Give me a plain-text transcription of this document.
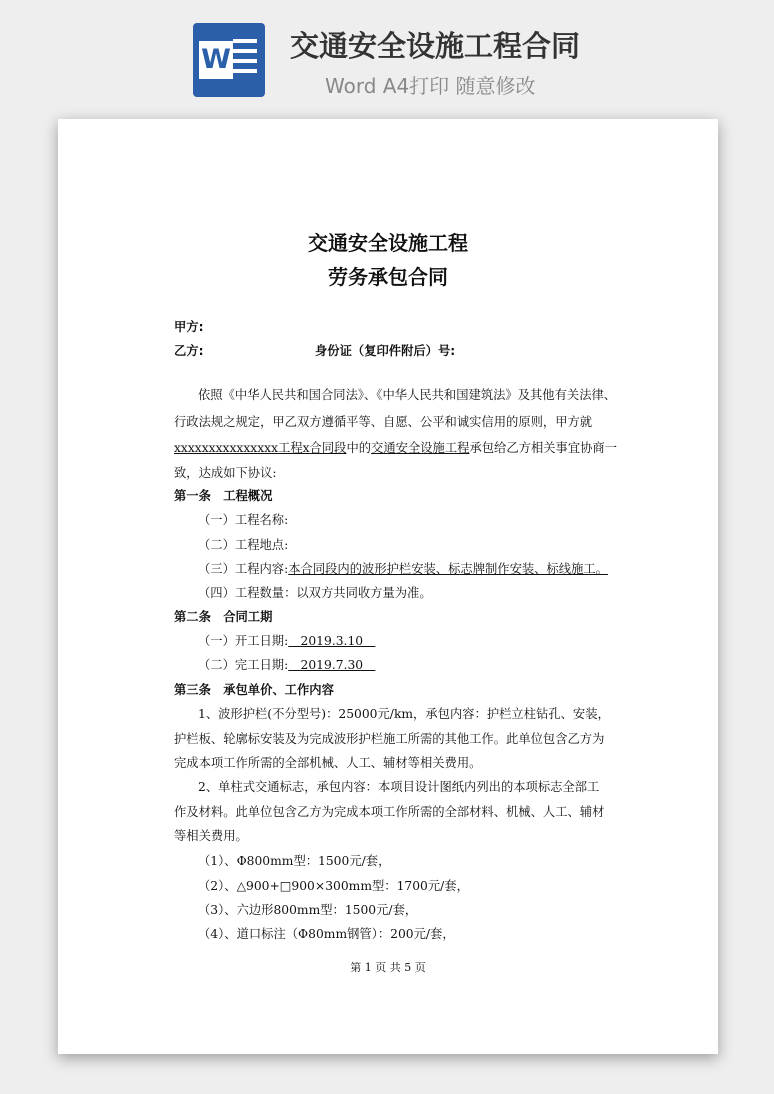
W 交通安全设施工程合同
Word A4打印 随意修改
交通安全设施工程
劳务承包合同
甲方:
乙方:	身份证（复印件附后）号:
依照《中华人民共和国合同法》、《中华人民共和国建筑法》及其他有关法律、
行政法规之规定，甲乙双方遵循平等、自愿、公平和诚实信用的原则，甲方就
xxxxxxxxxxxxxxx工程x合同段中的交通安全设施工程承包给乙方相关事宜协商一
致，达成如下协议:
第一条　工程概况
（一）工程名称:
（二）工程地点:
（三）工程内容:本合同段内的波形护栏安装、标志牌制作安装、标线施工。
（四）工程数量：以双方共同收方量为准。
第二条　合同工期
（一）开工日期:　2019.3.10　
（二）完工日期:　2019.7.30　
第三条　承包单价、工作内容
1、波形护栏(不分型号)：25000元/km，承包内容：护栏立柱钻孔、安装，
护栏板、轮廓标安装及为完成波形护栏施工所需的其他工作。此单位包含乙方为
完成本项工作所需的全部机械、人工、辅材等相关费用。
2、单柱式交通标志，承包内容：本项目设计图纸内列出的本项标志全部工
作及材料。此单位包含乙方为完成本项工作所需的全部材料、机械、人工、辅材
等相关费用。
（1）、Φ800mm型：1500元/套，
（2）、△900+□900×300mm型：1700元/套，
（3）、六边形800mm型：1500元/套，
（4）、道口标注（Φ80mm钢管）：200元/套，
第 1 页 共 5 页
